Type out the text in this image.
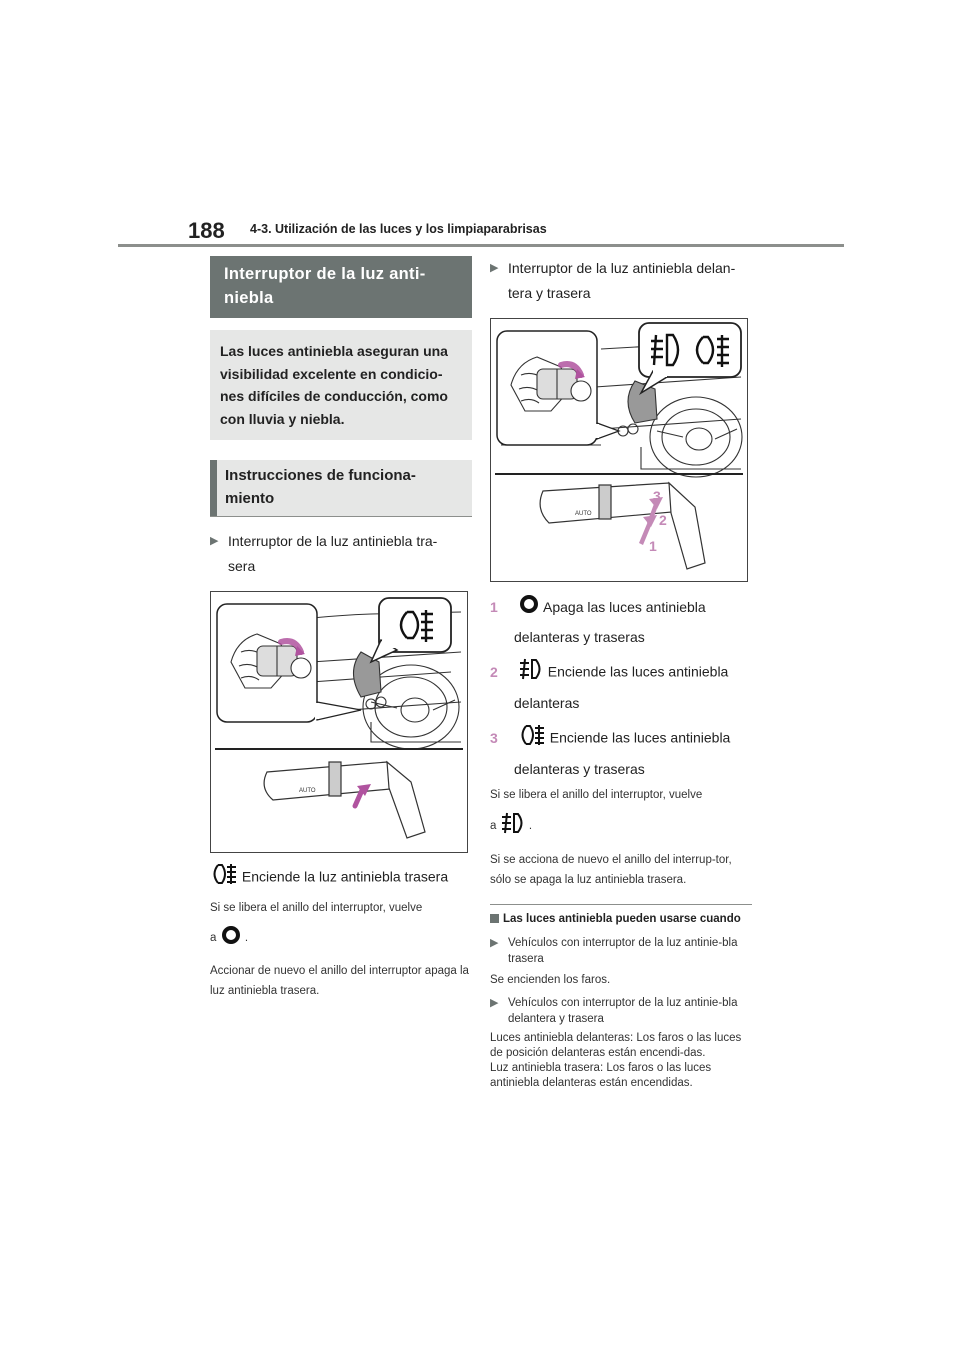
188 4-3. Utilización de las luces y los limpiaparabrisas
Interruptor de la luz anti-
niebla
Las luces antiniebla aseguran una visibilidad excelente en condicio-nes difíciles de conducción, como con lluvia y niebla.
Instrucciones de funciona-
miento
▶ Interruptor de la luz antiniebla tra-
sera
AUTO
Enciende la luz antiniebla trasera
Si se libera el anillo del interruptor, vuelve
a .
Accionar de nuevo el anillo del interruptor apaga la luz antiniebla trasera.
▶ Interruptor de la luz antiniebla delan-
tera y trasera
AUTO
1
2
3
1	Apaga las luces antiniebla
delanteras y traseras
2	Enciende las luces antiniebla
delanteras
3	Enciende las luces antiniebla
delanteras y traseras
Si se libera el anillo del interruptor, vuelve
a	.
Si se acciona de nuevo el anillo del interrup-tor, sólo se apaga la luz antiniebla trasera.
Las luces antiniebla pueden usarse cuando
▶ Vehículos con interruptor de la luz antinie-bla trasera
Se encienden los faros.
▶ Vehículos con interruptor de la luz antinie-bla delantera y trasera
Luces antiniebla delanteras: Los faros o las luces de posición delanteras están encendi-das.
Luz antiniebla trasera: Los faros o las luces antiniebla delanteras están encendidas.
